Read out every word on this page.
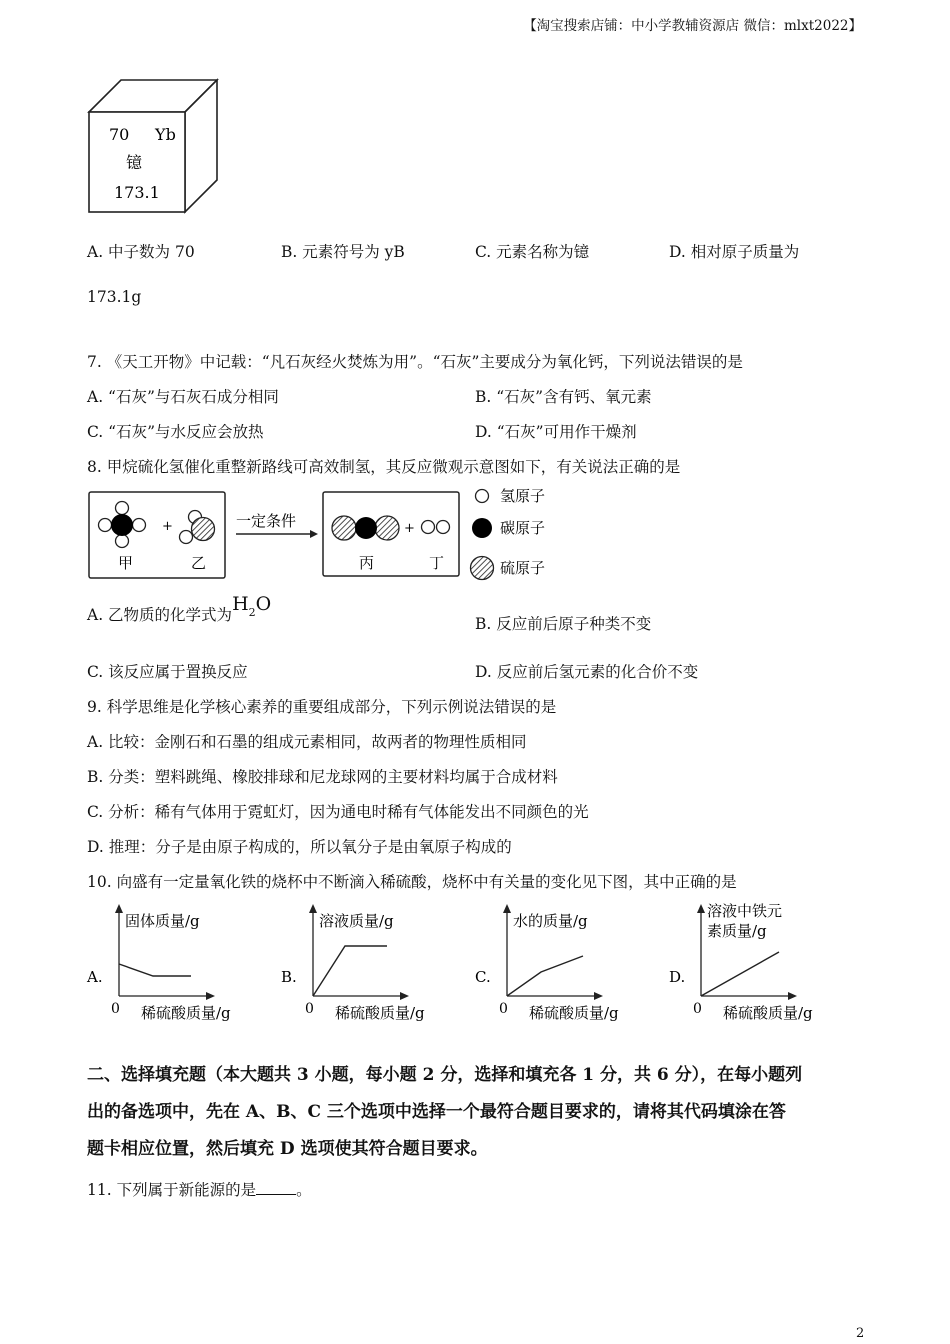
【淘宝搜索店铺：中小学教辅资源店 微信：mlxt2022】
70 Yb
镱
173.1
A. 中子数为 70	B. 元素符号为 yB	C. 元素名称为镱	D. 相对原子质量为
173.1g
7. 《天工开物》中记载：“凡石灰经火焚炼为用”。“石灰”主要成分为氧化钙，下列说法错误的是
A. “石灰”与石灰石成分相同	B. “石灰”含有钙、氧元素
C. “石灰”与水反应会放热	D. “石灰”可用作干燥剂
8. 甲烷硫化氢催化重整新路线可高效制氢，其反应微观示意图如下，有关说法正确的是
+
甲	乙
一定条件	+
丙	丁
氢原子
碳原子
硫原子
A. 乙物质的化学式为$H_2O$
B. 反应前后原子种类不变
C. 该反应属于置换反应	D. 反应前后氢元素的化合价不变
9. 科学思维是化学核心素养的重要组成部分，下列示例说法错误的是
A. 比较：金刚石和石墨的组成元素相同，故两者的物理性质相同
B. 分类：塑料跳绳、橡胶排球和尼龙球网的主要材料均属于合成材料
C. 分析：稀有气体用于霓虹灯，因为通电时稀有气体能发出不同颜色的光
D. 推理：分子是由原子构成的，所以氧分子是由氧原子构成的
10. 向盛有一定量氧化铁的烧杯中不断滴入稀硫酸，烧杯中有关量的变化见下图，其中正确的是
A.
固体质量/g
0 稀硫酸质量/g
B.
溶液质量/g
0 稀硫酸质量/g
C.
水的质量/g
0 稀硫酸质量/g
D.
溶液中铁元
素质量/g
0 稀硫酸质量/g
二、选择填充题（本大题共 3 小题，每小题 2 分，选择和填充各 1 分，共 6 分），在每小题列
出的备选项中，先在 A、B、C 三个选项中选择一个最符合题目要求的，请将其代码填涂在答
题卡相应位置，然后填充 D 选项使其符合题目要求。
11. 下列属于新能源的是	。
2
